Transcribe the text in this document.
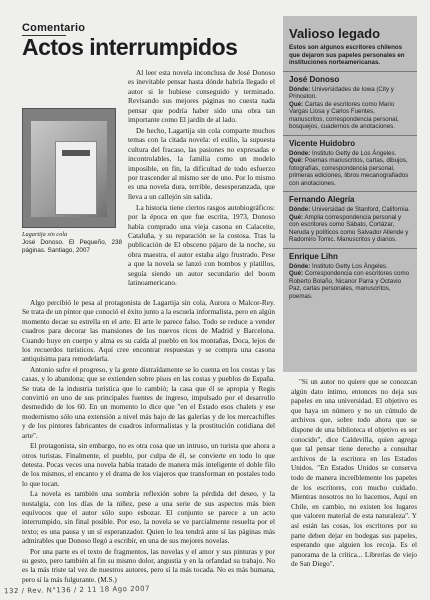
Comentario
Actos interrumpidos
Lagartija sin cola
José Donoso. El Pequeño, 238 páginas. Santiago, 2007

Al leer esta novela inconclusa de José Donoso es inevitable pensar hasta dónde habría llegado el autor si le hubiese conseguido y terminado. Revisando sus mejores páginas no cuesta nada pensar que podría haber sido una obra tan importante como El jardín de al lado.

De hecho, Lagartija sin cola comparte muchos temas con la citada novela: el exilio, la supuesta cultura del fracaso, las pasiones no expresadas e incontrolables, la familia como un modelo imposible, en fin, la dificultad de todo esfuerzo por trascender al mismo ser de uno. Por lo mismo es una novela dura, terrible, desesperanzada, que lleva a un callejón sin salida.

La historia tiene ciertos rasgos autobiográficos: por la época en que fue escrita, 1973, Donoso había comprado una vieja casona en Calaceite, Cataluña, y su reparación se la costosa. Tras la publicación de El obsceno pájaro de la noche, su obra maestra, el autor estaba algo frustrado. Pese a que la novela se lanzó con bombos y platillos, seguía siendo un autor secundario del boom latinoamericano.

Algo percibió le pesa al protagonista de Lagartija sin cola, Aurora o Malcor-Rey. Se trata de un pintor que conoció el éxito junto a la escuela informalista, pero en algún momento decae su estrella en el arte. El arte le parece falso. Todo se reduce a vender cuadros para decorar las mansiones de los nuevos ricos de Madrid y Barcelona. Cuando huye en cuerpo y alma es su caída al pueblo en los montañas, Doca, lejos de los recuerdos turísticos. Aquí cree encontrar respuestas y se compra una casona antiquísima para remodelarla.

Antonio sufre el progreso, y la gente distraídamente se lo cuenta en los costas y las casas, y lo abandona; que se extienden sobre pisos en las costas y pueblos de España. Se trata de la industria turística que lo cambió; la casa que él se apropia y Regis convirtió en uno de sus principales fuentes de ingreso, impulsado por el desarrollo desmedido de los 60. En un momento lo dice que "en el Estado esos chalets y ese modernismo sólo una extensión a nivel más bajo de las galerías y de los mercachifles y de los pintores fabricantes de cuadros informalistas y la prostitución cotidiana del arte".

El protagonista, sin embargo, no es otra cosa que un intruso, un turista que ahora a otros turistas. Finalmente, el pueblo, por culpa de él, se convierte en todo lo que detesta. Pocas veces una novela había tratado de manera más inteligente el doble filo de los mismos, el encanto y el drama de los viajeros que transforman en postales todo lo que tocan.

La novela es también una sombría reflexión sobre la pérdida del deseo, y la nostalgia, con los días de la niñez, pese a una serie de sus aspectos más bien equívocos que el autor sólo supo esbozar. El conjunto se parece a un acto interrumpido, sin final posible. Por eso, la novela se ve parcialmente resuelta por el texto; es una pausa y un sí esperanzador. Quien lo lea tendrá ante sí las páginas más admirables que Donoso llegó a escribir, en una de sus mejores novelas.

Por una parte es el texto de fragmentos, las novelas y el amor y sus pinturas y por su gesto, pero también al fin su mismo dolor, angustia y en la orfandad su trabajo. No es la más triste tal vez de nuestros autores, pero sí la más tocada. No es más humana, pero sí la más fulgurante. (M.S.)

Valioso legado
Estos son algunos escritores chilenos que dejaron sus papeles personales en instituciones norteamericanas.
José Donoso
Dónde: Universidades de Iowa (City y Princeton.
Qué: Cartas de escritores como Mario Vargas Llosa y Carlos Fuentes, manuscritos, correspondencia personal, bosquejos, cuadernos de anotaciones.
Vicente Huidobro
Dónde: Instituto Getty de Los Ángeles.
Qué: Poemas manuscritos, cartas, dibujos, fotografías, correspondencia personal, primeras ediciones, libros mecanografiados con anotaciones.
Fernando Alegría
Dónde: Universidad de Stanford, California.
Qué: Amplia correspondencia personal y con escritores como Sábato, Cortázar, Neruda y políticos como Salvador Allende y Radomiro Tomic. Manuscritos y diarios.
Enrique Lihn
Dónde: Instituto Getty Los Ángeles.
Qué: Correspondencia con escritores como Roberto Bolaño, Nicanor Parra y Octavio Paz, cartas personales, manuscritos, poemas.

"Si un autor no quiere que se conozcan algún dato íntimo, entonces no deja sus papeles en una universidad. El objetivo es que haya un número y no un cúmulo de archivos que, sobre todo ahora que se dispone de una biblioteca el objetivo es ser conocido", dice Caldevilla, quien agrega que tal pensar tiene derecho a consultar archivos de la escritora en los Estados Unidos. "En Estados Unidos se conserva todo de manera increíblemente los papeles de los escritores, con mucho cuidado. Mientras nosotros no lo hacemos, Aquí en Chile, en cambio, no existen los lugares que valoren material de esta naturaleza". Y así están las cosas, los escritores por su parte deben dejar en bodegas sus papeles, esperando que alguien los recoja. Es el panorama de la crítica... Librerías de viejo de San Diego".

132 / Rev. N°136 / 2 11 18 Ago 2007
